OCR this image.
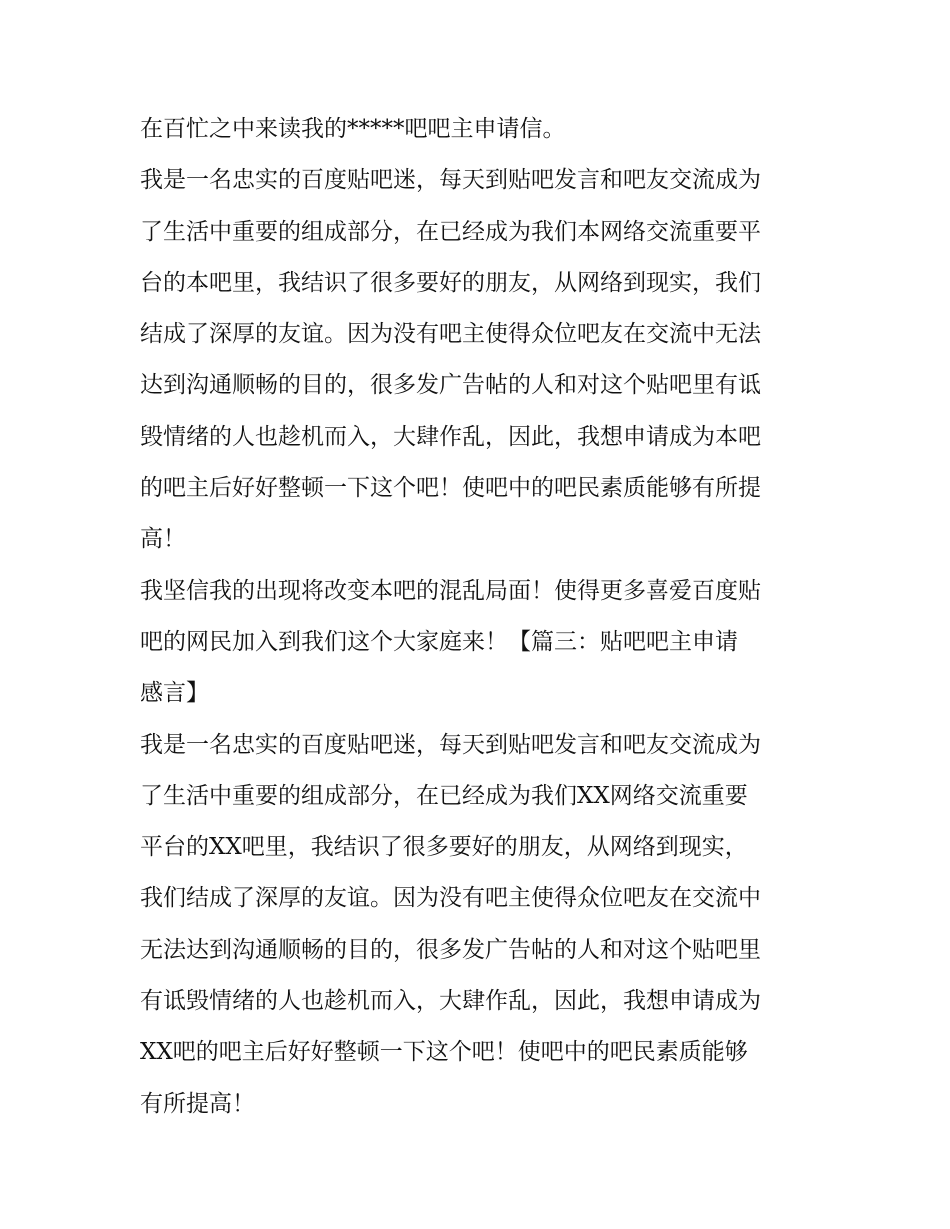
在百忙之中来读我的*****吧吧主申请信。
我是一名忠实的百度贴吧迷，每天到贴吧发言和吧友交流成为
了生活中重要的组成部分，在已经成为我们本网络交流重要平
台的本吧里，我结识了很多要好的朋友，从网络到现实，我们
结成了深厚的友谊。因为没有吧主使得众位吧友在交流中无法
达到沟通顺畅的目的，很多发广告帖的人和对这个贴吧里有诋
毁情绪的人也趁机而入，大肆作乱，因此，我想申请成为本吧
的吧主后好好整顿一下这个吧！使吧中的吧民素质能够有所提
高！
我坚信我的出现将改变本吧的混乱局面！使得更多喜爱百度贴
吧的网民加入到我们这个大家庭来！【篇三：贴吧吧主申请
感言】
我是一名忠实的百度贴吧迷，每天到贴吧发言和吧友交流成为
了生活中重要的组成部分，在已经成为我们XX网络交流重要
平台的XX吧里，我结识了很多要好的朋友，从网络到现实，
我们结成了深厚的友谊。因为没有吧主使得众位吧友在交流中
无法达到沟通顺畅的目的，很多发广告帖的人和对这个贴吧里
有诋毁情绪的人也趁机而入，大肆作乱，因此，我想申请成为
XX吧的吧主后好好整顿一下这个吧！使吧中的吧民素质能够
有所提高！
